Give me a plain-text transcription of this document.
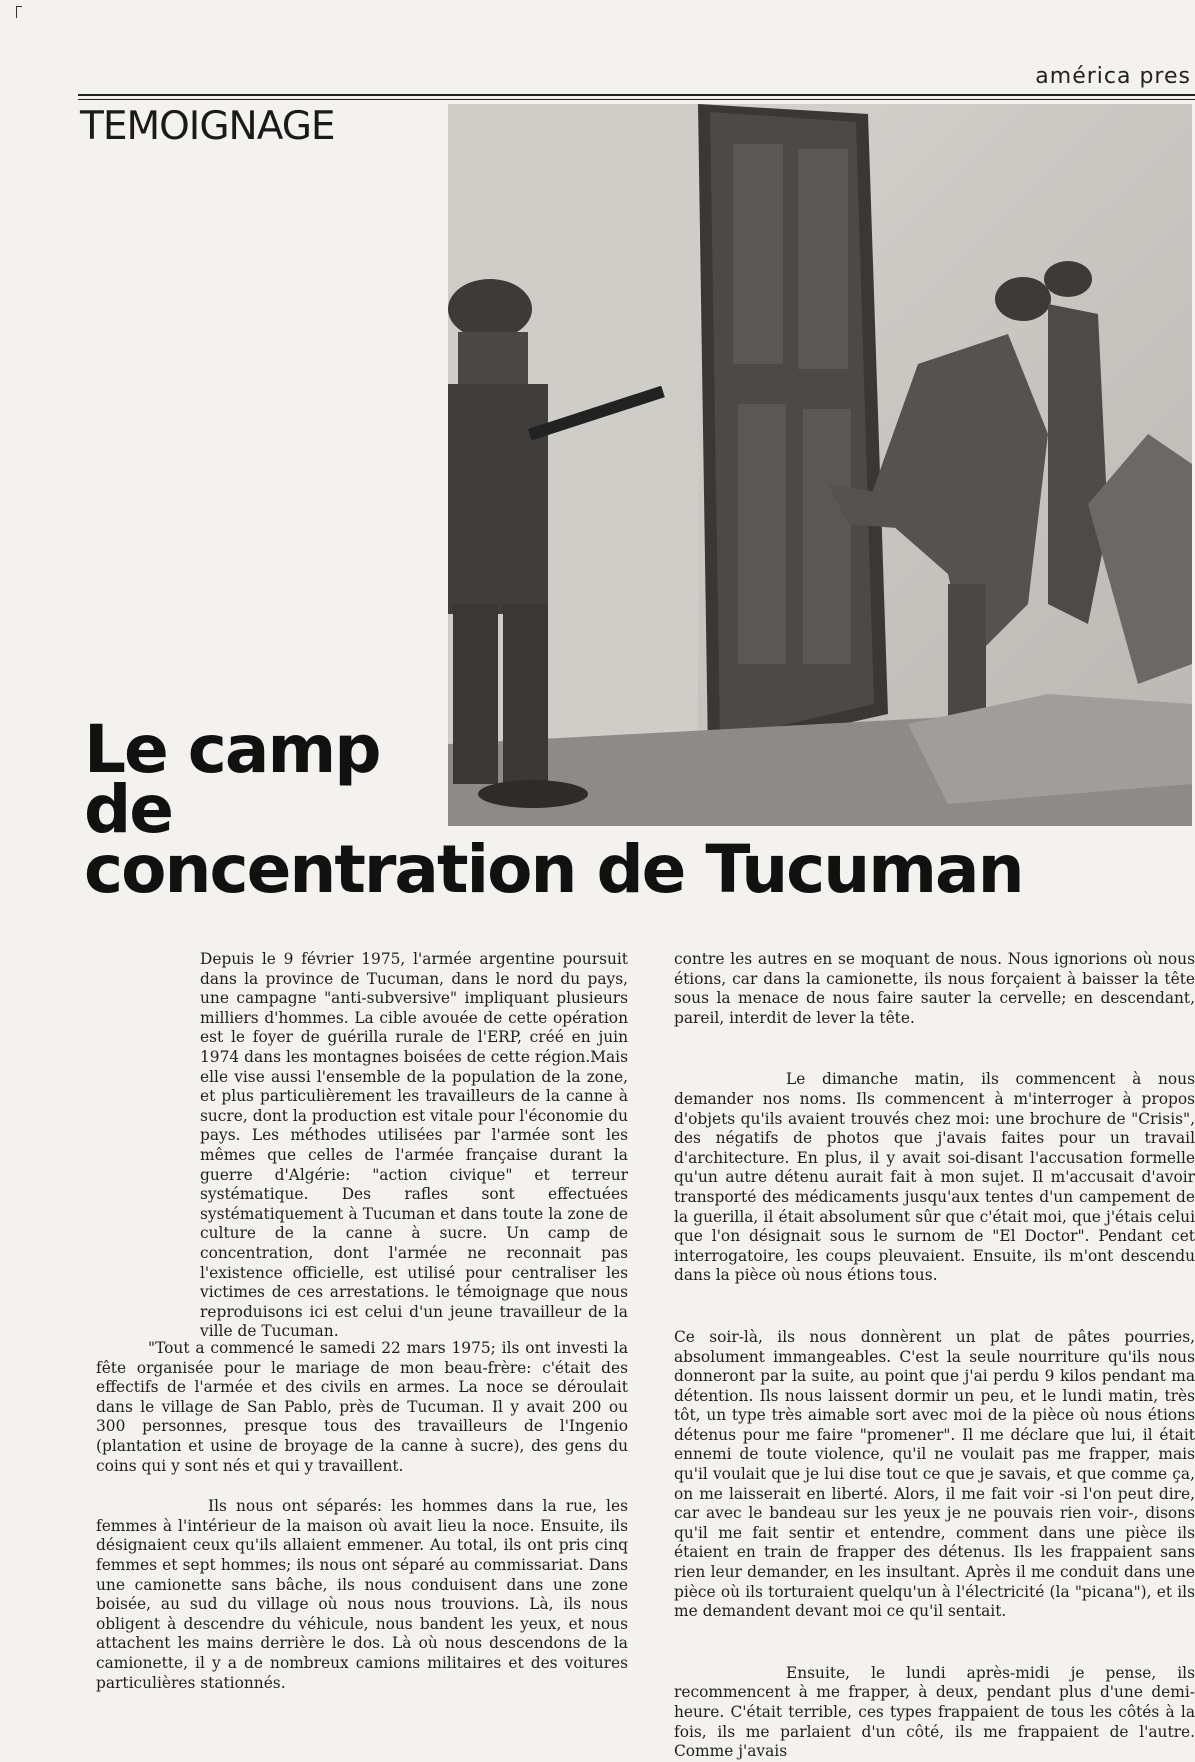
américa pres
TEMOIGNAGE
Le camp
de
concentration de Tucuman

Depuis le 9 février 1975, l'armée argentine poursuit dans la province de Tucuman, dans le nord du pays, une campagne "anti-subversive" impliquant plusieurs milliers d'hommes. La cible avouée de cette opération est le foyer de guérilla rurale de l'ERP, créé en juin 1974 dans les montagnes boisées de cette région.Mais elle vise aussi l'ensemble de la population de la zone, et plus particulièrement les travailleurs de la canne à sucre, dont la production est vitale pour l'économie du pays. Les méthodes utilisées par l'armée sont les mêmes que celles de l'armée française durant la guerre d'Algérie: "action civique" et terreur systématique. Des rafles sont effectuées systématiquement à Tucuman et dans toute la zone de culture de la canne à sucre. Un camp de concentration, dont l'armée ne reconnait pas l'existence officielle, est utilisé pour centraliser les victimes de ces arrestations. le témoignage que nous reproduisons ici est celui d'un jeune travailleur de la ville de Tucuman.

"Tout a commencé le samedi 22 mars 1975; ils ont investi la fête organisée pour le mariage de mon beau-frère: c'était des effectifs de l'armée et des civils en armes. La noce se déroulait dans le village de San Pablo, près de Tucuman. Il y avait 200 ou 300 personnes, presque tous des travailleurs de l'Ingenio (plantation et usine de broyage de la canne à sucre), des gens du coins qui y sont nés et qui y travaillent.

Ils nous ont séparés: les hommes dans la rue, les femmes à l'intérieur de la maison où avait lieu la noce. Ensuite, ils désignaient ceux qu'ils allaient emmener. Au total, ils ont pris cinq femmes et sept hommes; ils nous ont séparé au commissariat. Dans une camionette sans bâche, ils nous conduisent dans une zone boisée, au sud du village où nous nous trouvions. Là, ils nous obligent à descendre du véhicule, nous bandent les yeux, et nous attachent les mains derrière le dos. Là où nous descendons de la camionette, il y a de nombreux camions militaires et des voitures particulières stationnés.

contre les autres en se moquant de nous. Nous ignorions où nous étions, car dans la camionette, ils nous forçaient à baisser la tête sous la menace de nous faire sauter la cervelle; en descendant, pareil, interdit de lever la tête.

Le dimanche matin, ils commencent à nous demander nos noms. Ils commencent à m'interroger à propos d'objets qu'ils avaient trouvés chez moi: une brochure de "Crisis", des négatifs de photos que j'avais faites pour un travail d'architecture. En plus, il y avait soi-disant l'accusation formelle qu'un autre détenu aurait fait à mon sujet. Il m'accusait d'avoir transporté des médicaments jusqu'aux tentes d'un campement de la guerilla, il était absolument sûr que c'était moi, que j'étais celui que l'on désignait sous le surnom de "El Doctor". Pendant cet interrogatoire, les coups pleuvaient. Ensuite, ils m'ont descendu dans la pièce où nous étions tous.

Ce soir-là, ils nous donnèrent un plat de pâtes pourries, absolument immangeables. C'est la seule nourriture qu'ils nous donneront par la suite, au point que j'ai perdu 9 kilos pendant ma détention. Ils nous laissent dormir un peu, et le lundi matin, très tôt, un type très aimable sort avec moi de la pièce où nous étions détenus pour me faire "promener". Il me déclare que lui, il était ennemi de toute violence, qu'il ne voulait pas me frapper, mais qu'il voulait que je lui dise tout ce que je savais, et que comme ça, on me laisserait en liberté. Alors, il me fait voir -si l'on peut dire, car avec le bandeau sur les yeux je ne pouvais rien voir-, disons qu'il me fait sentir et entendre, comment dans une pièce ils étaient en train de frapper des détenus. Ils les frappaient sans rien leur demander, en les insultant. Après il me conduit dans une pièce où ils torturaient quelqu'un à l'électricité (la "picana"), et ils me demandent devant moi ce qu'il sentait.

Ensuite, le lundi après-midi je pense, ils recommencent à me frapper, à deux, pendant plus d'une demi-heure. C'était terrible, ces types frappaient de tous les côtés à la fois, ils me parlaient d'un côté, ils me frappaient de l'autre. Comme j'avais
